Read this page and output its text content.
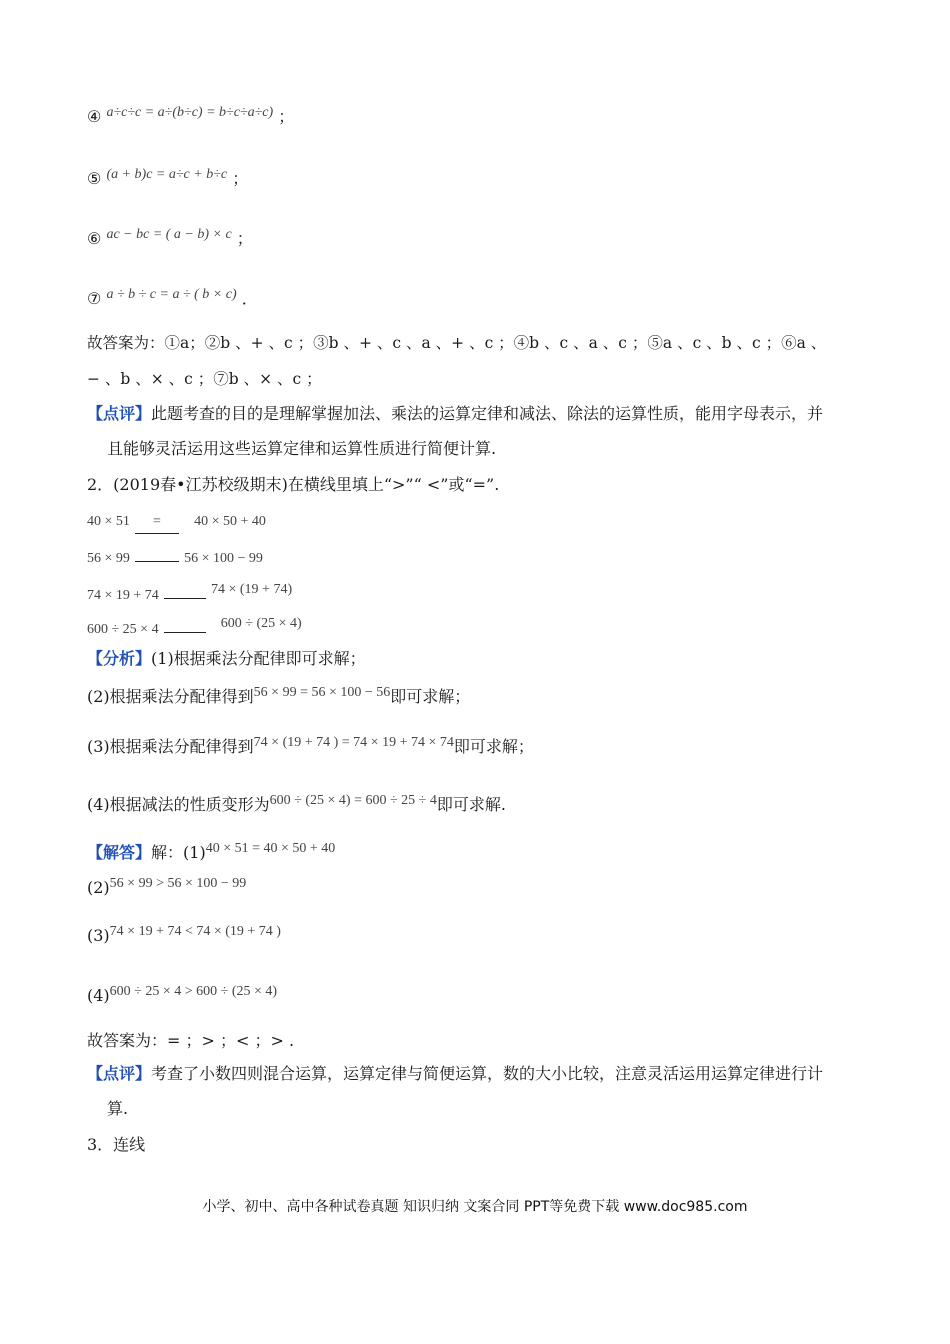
④ a÷c÷c = a÷(b÷c) = b÷c÷a÷c) ；
⑤ (a + b)c = a÷c + b÷c ；
⑥ ac − bc = ( a − b) × c ；
⑦ a ÷ b ÷ c = a ÷ ( b × c) ．
故答案为：①a；②b 、+ 、c ；③b 、+ 、c 、a 、+ 、c ；④b 、c 、a 、c ；⑤a 、c 、b 、c ；⑥a 、
− 、b 、× 、c ；⑦b 、× 、c ；
【点评】此题考查的目的是理解掌握加法、乘法的运算定律和减法、除法的运算性质，能用字母表示，并
且能够灵活运用这些运算定律和运算性质进行简便计算.
2．(2019春•江苏校级期末)在横线里填上“>”“ <”或“=”.
40 × 51 = 40 × 50 + 40
56 × 99	56 × 100 − 99
74 × 19 + 74	74 × (19 + 74)
600 ÷ 25 × 4	600 ÷ (25 × 4)
【分析】(1)根据乘法分配律即可求解；
(2)根据乘法分配律得到56 × 99 = 56 × 100 − 56即可求解；
(3)根据乘法分配律得到74 × (19 + 74 ) = 74 × 19 + 74 × 74即可求解；
(4)根据减法的性质变形为600 ÷ (25 × 4) = 600 ÷ 25 ÷ 4即可求解.
【解答】解：(1)40 × 51 = 40 × 50 + 40
(2)56 × 99 > 56 × 100 − 99
(3)74 × 19 + 74 < 74 × (19 + 74 )
(4)600 ÷ 25 × 4 > 600 ÷ (25 × 4)
故答案为：= ；> ；< ；> .
【点评】考查了小数四则混合运算，运算定律与简便运算，数的大小比较，注意灵活运用运算定律进行计
算.
3．连线
小学、初中、高中各种试卷真题 知识归纳 文案合同 PPT等免费下载 www.doc985.com
